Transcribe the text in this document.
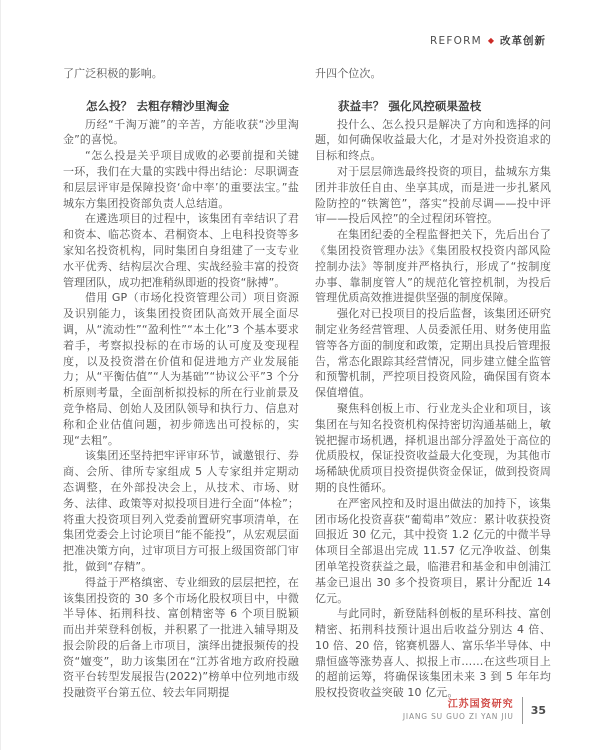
REFORM ◆ 改革创新

了广泛积极的影响。

怎么投？ 去粗存精沙里淘金

历经“千淘万漉”的辛苦，方能收获“沙里淘金”的喜悦。

“怎么投是关乎项目成败的必要前提和关键一环，我们在大量的实践中得出结论：尽职调查和层层评审是保障投资‘命中率’的重要法宝。”盐城东方集团投资部负责人总结道。

在遴选项目的过程中，该集团有幸结识了君和资本、临芯资本、君桐资本、上电科投资等多家知名投资机构，同时集团自身组建了一支专业水平优秀、结构层次合理、实战经验丰富的投资管理团队，成功把准稍纵即逝的投资“脉搏”。

借用 GP（市场化投资管理公司）项目资源及识别能力，该集团投资团队高效开展全面尽调，从“流动性”“盈利性”“本土化”3 个基本要求着手，考察拟投标的在市场的认可度及变现程度，以及投资潜在价值和促进地方产业发展能力；从“平衡估值”“人为基础”“协议公平”3 个分析原则考量，全面剖析拟投标的所在行业前景及竞争格局、创始人及团队领导和执行力、信息对称和企业估值问题，初步筛选出可投标的，实现“去粗”。

该集团还坚持把牢评审环节，诚邀银行、券商、会所、律所专家组成 5 人专家组并定期动态调整，在外部投决会上，从技术、市场、财务、法律、政策等对拟投项目进行全面“体检”；将重大投资项目列入党委前置研究事项清单，在集团党委会上讨论项目“能不能投”，从宏观层面把准决策方向，过审项目方可报上级国资部门审批，做到“存精”。

得益于严格缜密、专业细致的层层把控，在该集团投资的 30 多个市场化股权项目中，中微半导体、拓荆科技、富创精密等 6 个项目脱颖而出并荣登科创板，并积累了一批进入辅导期及报会阶段的后备上市项目，演绎出捷报频传的投资“嬗变”，助力该集团在“江苏省地方政府投融资平台转型发展报告(2022)”榜单中位列地市级投融资平台第五位、较去年同期提

升四个位次。

获益丰？ 强化风控硕果盈枝

投什么、怎么投只是解决了方向和选择的问题，如何确保收益最大化，才是对外投资追求的目标和终点。

对于层层筛选最终投资的项目，盐城东方集团并非放任自由、坐享其成，而是进一步扎紧风险防控的“铁篱笆”，落实“投前尽调——投中评审——投后风控”的全过程闭环管控。

在集团纪委的全程监督把关下，先后出台了《集团投资管理办法》《集团股权投资内部风险控制办法》等制度并严格执行，形成了“按制度办事、靠制度管人”的规范化管控机制，为投后管理优质高效推进提供坚强的制度保障。

强化对已投项目的投后监督，该集团还研究制定业务经营管理、人员委派任用、财务使用监管等各方面的制度和政策，定期出具投后管理报告，常态化跟踪其经营情况，同步建立健全监管和预警机制，严控项目投资风险，确保国有资本保值增值。

聚焦科创板上市、行业龙头企业和项目，该集团在与知名投资机构保持密切沟通基础上，敏锐把握市场机遇，择机退出部分浮盈处于高位的优质股权，保证投资收益最大化变现，为其他市场稀缺优质项目投资提供资金保证，做到投资周期的良性循环。

在严密风控和及时退出做法的加持下，该集团市场化投资喜获“葡萄串”效应：累计收获投资回报近 30 亿元，其中投资 1.2 亿元的中微半导体项目全部退出完成 11.57 亿元净收益、创集团单笔投资获益之最，临港君和基金和申创浦江基金已退出 30 多个投资项目，累计分配近 14 亿元。

与此同时，新登陆科创板的星环科技、富创精密、拓荆科技预计退出后收益分别达 4 倍、10 倍、20 倍，铭赛机器人、富乐华半导体、中鼎恒盛等涨势喜人、拟报上市……在这些项目上的超前运筹，将确保该集团未来 3 到 5 年年均股权投资收益突破 10 亿元。

江苏国资研究
JIANG SU GUO ZI YAN JIU 35
